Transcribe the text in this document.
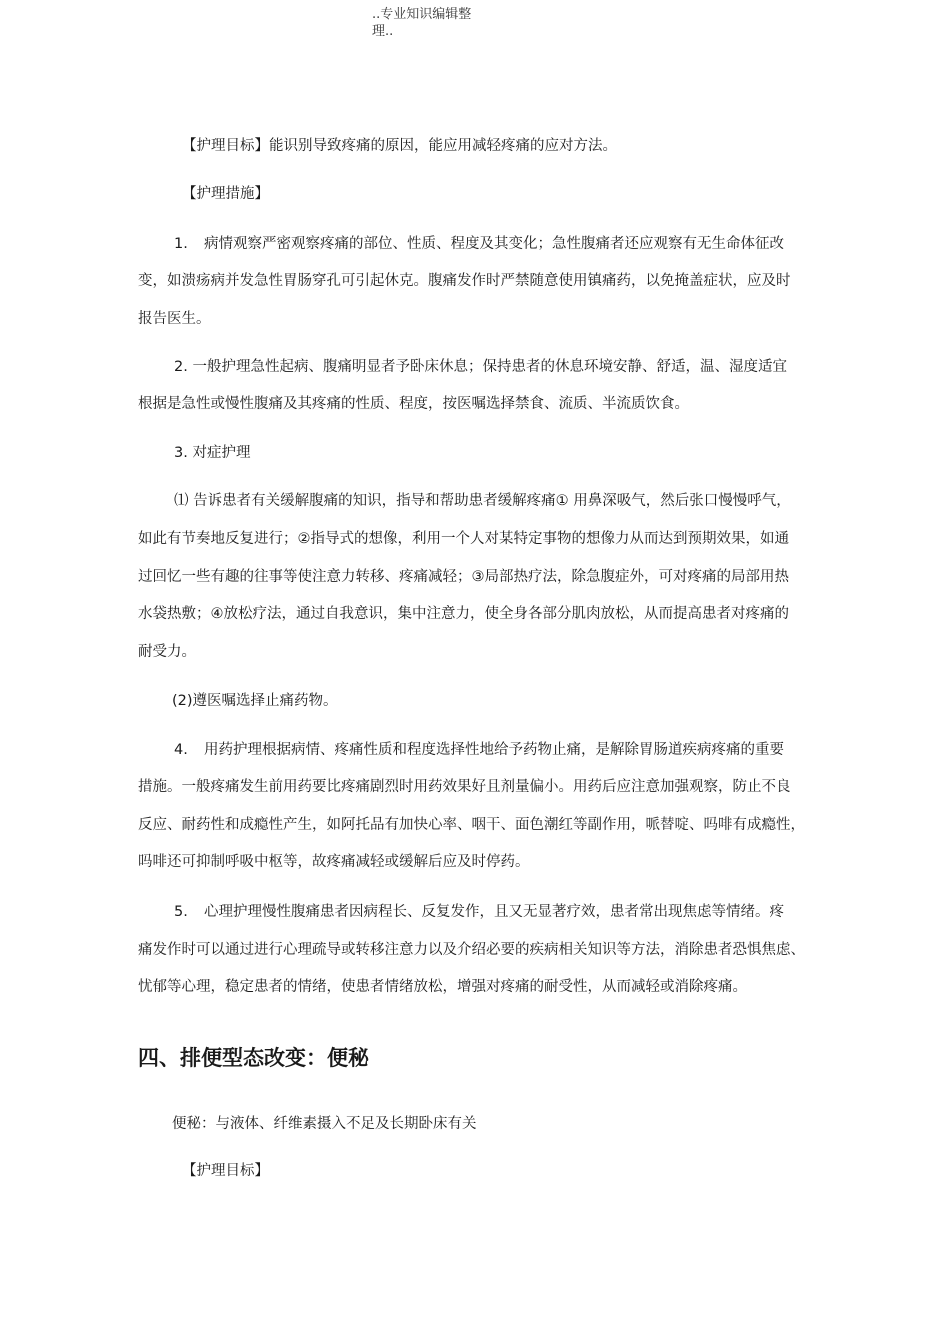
..专业知识编辑整
理..
【护理目标】能识别导致疼痛的原因，能应用减轻疼痛的应对方法。
【护理措施】
1. 病情观察严密观察疼痛的部位、性质、程度及其变化；急性腹痛者还应观察有无生命体征改
变，如溃疡病并发急性胃肠穿孔可引起休克。腹痛发作时严禁随意使用镇痛药，以免掩盖症状，应及时
报告医生。
2. 一般护理急性起病、腹痛明显者予卧床休息；保持患者的休息环境安静、舒适，温、湿度适宜
根据是急性或慢性腹痛及其疼痛的性质、程度，按医嘱选择禁食、流质、半流质饮食。
3. 对症护理
⑴ 告诉患者有关缓解腹痛的知识，指导和帮助患者缓解疼痛① 用鼻深吸气，然后张口慢慢呼气，
如此有节奏地反复进行；②指导式的想像，利用一个人对某特定事物的想像力从而达到预期效果，如通
过回忆一些有趣的往事等使注意力转移、疼痛减轻；③局部热疗法，除急腹症外，可对疼痛的局部用热
水袋热敷；④放松疗法，通过自我意识，集中注意力，使全身各部分肌肉放松，从而提高患者对疼痛的
耐受力。
(2)遵医嘱选择止痛药物。
4. 用药护理根据病情、疼痛性质和程度选择性地给予药物止痛，是解除胃肠道疾病疼痛的重要
措施。一般疼痛发生前用药要比疼痛剧烈时用药效果好且剂量偏小。用药后应注意加强观察，防止不良
反应、耐药性和成瘾性产生，如阿托品有加快心率、咽干、面色潮红等副作用，哌替啶、吗啡有成瘾性，
吗啡还可抑制呼吸中枢等，故疼痛减轻或缓解后应及时停药。
5. 心理护理慢性腹痛患者因病程长、反复发作，且又无显著疗效，患者常出现焦虑等情绪。疼
痛发作时可以通过进行心理疏导或转移注意力以及介绍必要的疾病相关知识等方法，消除患者恐惧焦虑、
忧郁等心理，稳定患者的情绪，使患者情绪放松，增强对疼痛的耐受性，从而减轻或消除疼痛。
四、排便型态改变：便秘
便秘：与液体、纤维素摄入不足及长期卧床有关
【护理目标】
